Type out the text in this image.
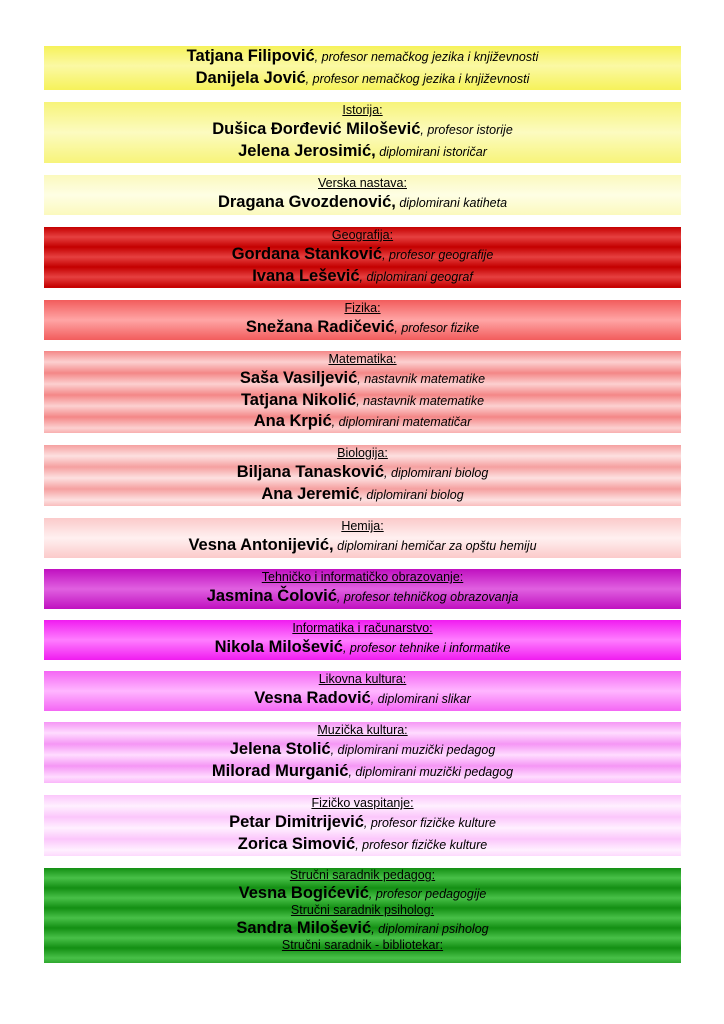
Tatjana Filipović, profesor nemačkog jezika i književnosti
Danijela Jović, profesor nemačkog jezika i književnosti
Istorija:
Dušica Đorđević Milošević, profesor istorije
Jelena Jerosimić, diplomirani istoričar
Verska nastava:
Dragana Gvozdenović, diplomirani katiheta
Geografija:
Gordana Stanković, profesor geografije
Ivana Lešević, diplomirani geograf
Fizika:
Snežana Radičević, profesor fizike
Matematika:
Saša Vasiljević, nastavnik matematike
Tatjana Nikolić, nastavnik matematike
Ana Krpić, diplomirani matematičar
Biologija:
Biljana Tanasković, diplomirani biolog
Ana Jeremić, diplomirani biolog
Hemija:
Vesna Antonijević, diplomirani hemičar za opštu hemiju
Tehničko i informatičko obrazovanje:
Jasmina Čolović, profesor tehničkog obrazovanja
Informatika i računarstvo:
Nikola Milošević, profesor tehnike i informatike
Likovna kultura:
Vesna Radović, diplomirani slikar
Muzička kultura:
Jelena Stolić, diplomirani muzički pedagog
Milorad Murganić, diplomirani muzički pedagog
Fizičko vaspitanje:
Petar Dimitrijević, profesor fizičke kulture
Zorica Simović, profesor fizičke kulture
Stručni saradnik pedagog:
Vesna Bogićević, profesor pedagogije
Stručni saradnik psiholog:
Sandra Milošević, diplomirani psiholog
Stručni saradnik - bibliotekar:
